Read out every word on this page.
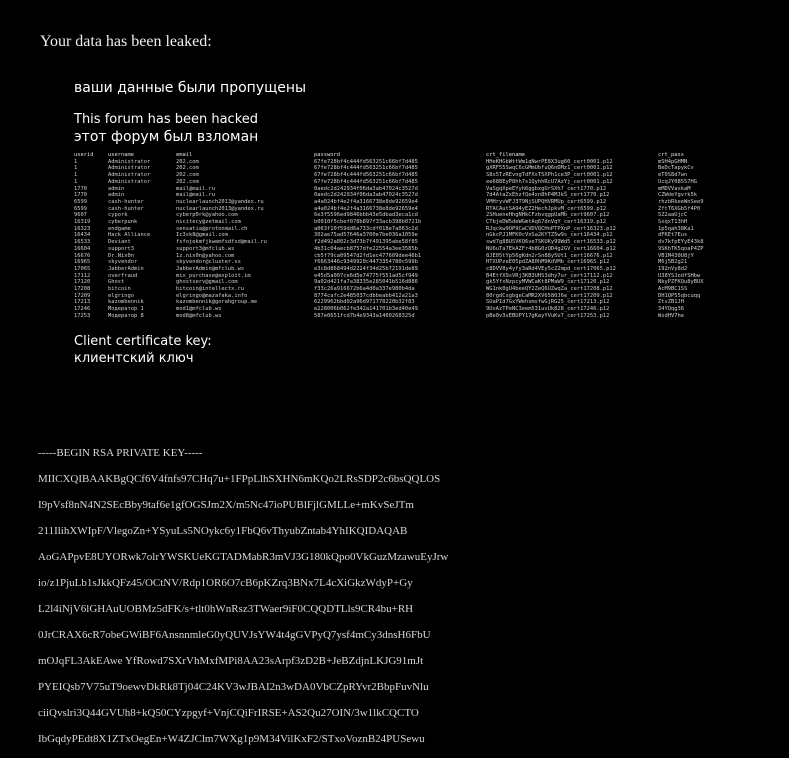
Your data has been leaked:
ваши данные были пропущены
This forum has been hacked
этот форум был взломан
userid	username	email	password	crt_filename	crt_pass
1	Administrator	202.com	67fe728bf4c444fd563251c66bf7d485	HHeKHGbWttWm1qNwrPE8X3ug60_cert0001.p12	mSH4pGHMN
1	Administrator	202.com	67fe728bf4c444fd563251c66bf7d485	gXRF55SwqC6cGMmUbfuQ6nDMz1_cert0001.p12	BeDcTapykCv
1	Administrator	202.com	67fe728bf4c444fd563251c66bf7d485	S8s5TzREvngTdFXsT5XPh1ce3P_cert0001.p12	eT0S8d7wn
1	Administrator	202.com	67fe728bf4c444fd563251c66bf7d485	ee688EyP8hh7s1QyhhRcU7AzYj_cert0001.p12	UcqJY08557HG
1770	admin	mail@mail.ru	0aedc2d242934f06da3ab47024c3527d	VaSgqXpeEYyh6ggbxgUrSXh7_cert1770.p12	mMDVVaxkaM
1770	admin	mail@mail.ru	0aedc2d242934f06da3ab47024c3527d	7d4AtaZxEhzfQe4xn8hP4MJkS_cert1770.p12	CZWdeYgvrk5k
6599	cash-hunter	nuclearlaunch2013@yandex.ru	a4a024bf4e2f4a3166738e8de92659e4	VMHryvWFJ3T9NjSUPQHVRMUp_cert6599.p12	rhzbRkeeWnSee9
6599	cash-hunter	nuclearlaunch2013@yandex.ru	a4a024bf4e2f4a3166738e8de92659e4	RTACAutSA94yEZ2HechJpkvM_cert6599.p12	ZftT6XGb5f4P0
9607	cypork	cyberp0rk@yahoo.com	6e3f5596ed9846bbb43e5dbad3eca1cd	2SHueneHhgNHkCFzbvqgpUaMb_cert9607.p12	5Z2aaUjcC
16319	cyberpunk	nicitecy@zetmail.com	b0010f5cbef078b897f33acb398b0721b	CTbjeDW5deWGmtAq67dnVqY_cert16319.p12	SxqxT13hH
16323	endgame	sensatia@protonmail.ch	a063f10f59dd6a733cdf018e7a063c2d	RJqckw9OP9CwCVDVQCHnPTPXnP_cert16323.p12	1p5qah38Ka1
16434	Hack Alliance	Ic3sk8@gmail.com	302ae75ad57646a3700e7be036a1059e	nGkcPJ1MFK0cVxSa2KYTZ5w9s_cert16434.p12	dFKEt7Eus
16533	Deviant	fsfojekmfjkwemfsdfsd@mail.ru	f2d492a802c3d73b7f491395abe58f85	swd7g88USVKQ6ve7SKUKy99Wd5_cert16533.p12	dv7kfpEYyE43k8
16604	support3	support3@mfclub.ws	4b31c04aecb8757dfe22554a3ee3585b	NU6uTa7EkAZFr4b8G0zQD4g2GV_cert16604.p12	9SKhTK5qoaP4ZP
16676	Dr.Nix0n	1z.nix0n@yahoo.com	cb5f79ca09547d2fd1ec477609dee46b1	8JE05tYp56gKdn2rSn88y5Ut1_cert16676.p12	VB1M430U8jY
16965	skyvendor	skyvendor@cluster.sx	f6663446c9349920c4473354780c599b	HTXUPzeE05pdZA80hM9KdVMb_cert16965.p12	M6j5B2g21
17065	JabberAdmin	JabberAdmin@mfclub.ws	e3c8d868494d2224f34d25b72191de89	c8DVV8y4yfy3aRd4VEy5c22mpd_cert17065.p12	192nVy8d2
17112	overfraud	mix_purchase@exploit.im	e45d5a007ce6d5e74775f551ad5cf949	B4EtfX9sVRj3KB3UHS3dhy7ur_cert17112.p12	U38YSJodfSHbw
17120	Ghost	ghostserv@gmail.com	9a02d421fa7a38335e285041b516d886	gk5YfxNzpcyMVWCaKt8PMaW9_cert17120.p12	NkyPZFKQu8yBUX
17208	bitcoin	bitcoin@intellectx.ru	f33c26a916672b6a4d0a337e980b4da	WG1nk0gU4beeQY2ZeQ6UZwqZa_cert17208.p12	AcM9BC1SS
17209	elgringo	elgringo@mazafaka.info	8774cafc2e485037cdbbeabb412a21a3	80rgdCsgbgeCaMR2XV6580J6e_cert17209.p12	DH1QP55qbcuqq
17213	kazombennik	kazombennik@gorahgroup.me	6229962bbd02a96d971778220b32f83	SUaPId7GxYWehsmsfwGjRG25_cert17213.p12	ZtvZB1JH
17246	Модератор 1	mod1@mfclub.ws	e228006b062fe342a141701b3ed40e49	9UxAzTPeNC3eem531uvUk828_cert17246.p12	34YQqg36
17253	Модератор 8	mod8@mfclub.ws	587e0651fcd7b4e9343a1400268325d	pBe0v3vEBUPY17gKayYVuKv7_cert17253.p12	WsdHV7he
Client certificate key:
клиентский ключ
-----BEGIN RSA PRIVATE KEY-----
MIICXQIBAAKBgQCf6V4fnfs97CHq7u+1FPpLlhSXHN6mKQo2LRsSDP2c6bsQQLOS
I9pVsf8nN4N2SEcBby9taf6e1gfOGSJm2X/m5Nc47ioPUBlFjlGMLLe+mKvSeJTm
211IlihXWIpF/VlegoZn+YSyuLs5NOykc6y1FbQ6vThyubZntab4YhIKQIDAQAB
AoGAPpvE8UYORwk7olrYWSKUeKGTADMabR3mVJ3G180kQpo0VkGuzMzawuEyJrw
io/z1PjuLb1sJkkQFz45/OCtNV/Rdp1OR6O7cB6pKZrq3BNx7L4cXiGkzWdyP+Gy
L2l4iNjV6lGHAuUOBMz5dFK/s+tlt0hWnRsz3TWaer9iF0CQQDTLls9CR4bu+RH
0JrCRAX6cR7obeGWiBF6AnsnnmleG0yQUVJsYW4t4gGVPyQ7ysf4mCy3dnsH6FbU
mOJqFL3AkEAwe YfRowd7SXrVhMxfMPi8AA23sArpf3zD2B+JeBZdjnLKJG91mJt
PYEIQsb7V75uT9oewvDkRk8Tj04C24KV3wJBAI2n3wDA0VbCZpRYvr2BbpFuvNlu
ciiQvslri3Q44GVUh8+kQ50CYzpgyf+VnjCQiFrIRSE+AS2Qu27OIN/3w1lkCQCTO
IbGqdyPEdt8X1ZTxOegEn+W4ZJClm7WXg1p9M34VilKxF2/STxoVoznB24PUSewu
